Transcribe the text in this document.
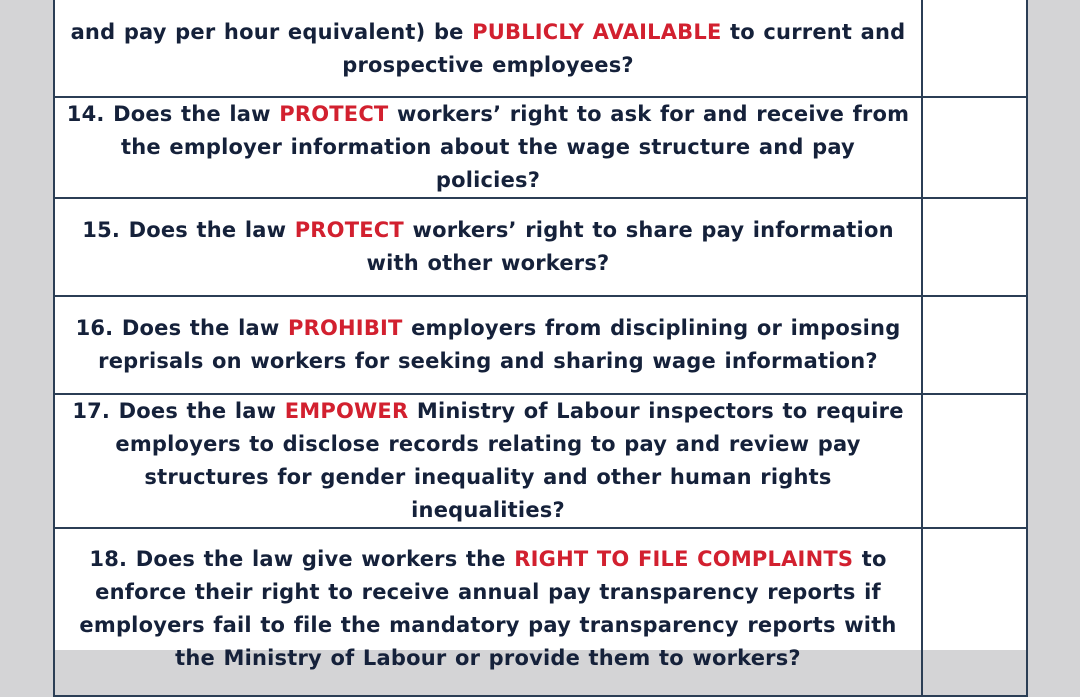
and pay per hour equivalent) be PUBLICLY AVAILABLE to current and prospective employees?	

14. Does the law PROTECT workers’ right to ask for and receive from the employer information about the wage structure and pay policies?	

15. Does the law PROTECT workers’ right to share pay information with other workers?	

16. Does the law PROHIBIT employers from disciplining or imposing reprisals on workers for seeking and sharing wage information?	

17. Does the law EMPOWER Ministry of Labour inspectors to require employers to disclose records relating to pay and review pay structures for gender inequality and other human rights inequalities?	

18. Does the law give workers the RIGHT TO FILE COMPLAINTS to enforce their right to receive annual pay transparency reports if employers fail to file the mandatory pay transparency reports with the Ministry of Labour or provide them to workers?	
